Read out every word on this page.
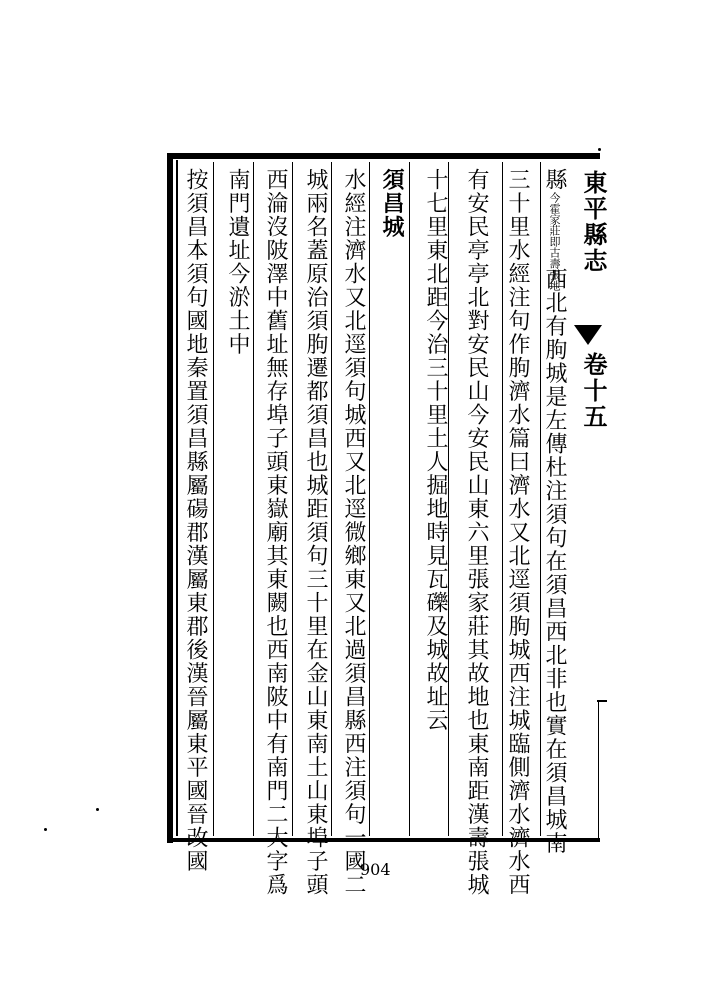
東平縣志
卷十五
縣今霍家莊即古壽張地西北有朐城是左傳杜注須句在須昌西北非也實在須昌城南
三十里水經注句作朐濟水篇曰濟水又北逕須朐城西注城臨側濟水濟水西
有安民亭亭北對安民山今安民山東六里張家莊其故地也東南距漢壽張城
十七里東北距今治三十里土人掘地時見瓦礫及城故址云
須昌城
水經注濟水又北逕須句城西又北逕微鄉東又北過須昌縣西注須句一國二
城兩名蓋原治須朐遷都須昌也城距須句三十里在金山東南土山東埠子頭
西淪沒陂澤中舊址無存埠子頭東嶽廟其東闕也西南陂中有南門二大字爲
南門遺址今淤土中
按須昌本須句國地秦置須昌縣屬碭郡漢屬東郡後漢晉屬東平國晉改國	904
